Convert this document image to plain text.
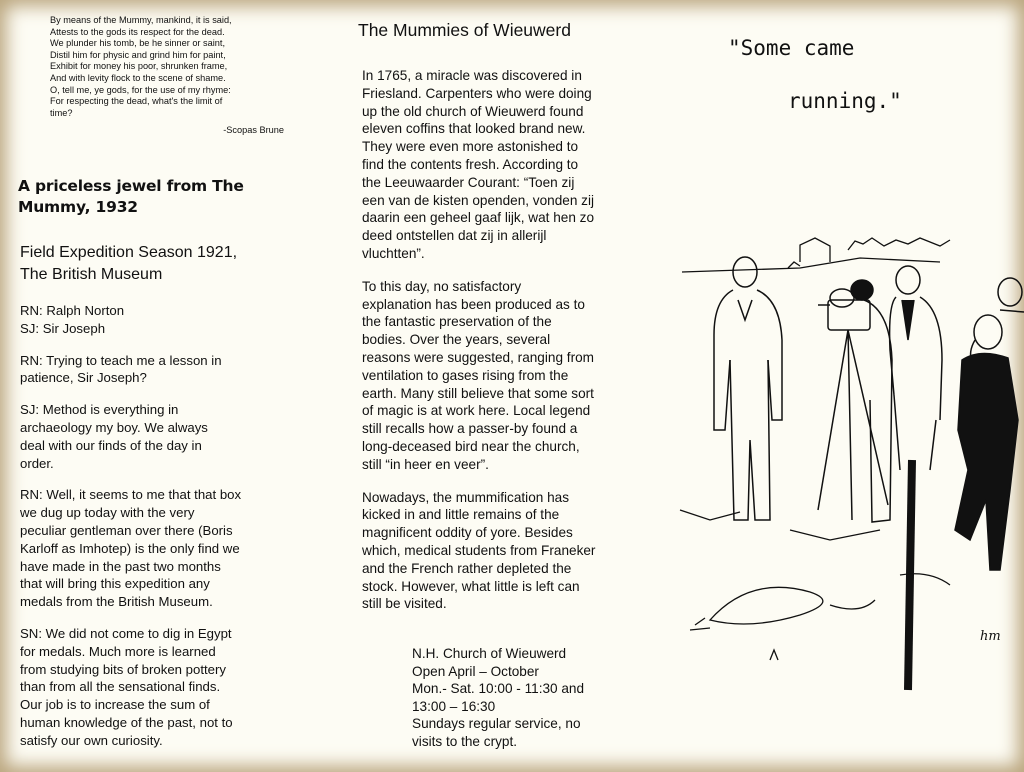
By means of the Mummy, mankind, it is said,
Attests to the gods its respect for the dead.
We plunder his tomb, be he sinner or saint,
Distil him for physic and grind him for paint,
Exhibit for money his poor, shrunken frame,
And with levity flock to the scene of shame.
O, tell me, ye gods, for the use of my rhyme:
For respecting the dead, what's the limit of
time?
-Scopas Brune
A priceless jewel from The
Mummy, 1932
Field Expedition Season 1921,
The British Museum

RN: Ralph Norton
SJ: Sir Joseph

RN: Trying to teach me a lesson in
patience, Sir Joseph?

SJ: Method is everything in
archaeology my boy. We always
deal with our finds of the day in
order.

RN: Well, it seems to me that that box
we dug up today with the very
peculiar gentleman over there (Boris
Karloff as Imhotep) is the only find we
have made in the past two months
that will bring this expedition any
medals from the British Museum.

SN: We did not come to dig in Egypt
for medals. Much more is learned
from studying bits of broken pottery
than from all the sensational finds.
Our job is to increase the sum of
human knowledge of the past, not to
satisfy our own curiosity.

The Mummies of Wieuwerd

In 1765, a miracle was discovered in
Friesland. Carpenters who were doing
up the old church of Wieuwerd found
eleven coffins that looked brand new.
They were even more astonished to
find the contents fresh. According to
the Leeuwaarder Courant: “Toen zij
een van de kisten openden, vonden zij
daarin een geheel gaaf lijk, wat hen zo
deed ontstellen dat zij in allerijl
vluchtten”.

To this day, no satisfactory
explanation has been produced as to
the fantastic preservation of the
bodies. Over the years, several
reasons were suggested, ranging from
ventilation to gases rising from the
earth. Many still believe that some sort
of magic is at work here. Local legend
still recalls how a passer-by found a
long-deceased bird near the church,
still “in heer en veer”.

Nowadays, the mummification has
kicked in and little remains of the
magnificent oddity of yore. Besides
which, medical students from Franeker
and the French rather depleted the
stock. However, what little is left can
still be visited.

N.H. Church of Wieuwerd
Open April – October
Mon.- Sat. 10:00 - 11:30 and
13:00 – 16:30
Sundays regular service, no
visits to the crypt.
"Some came
running."
hm
